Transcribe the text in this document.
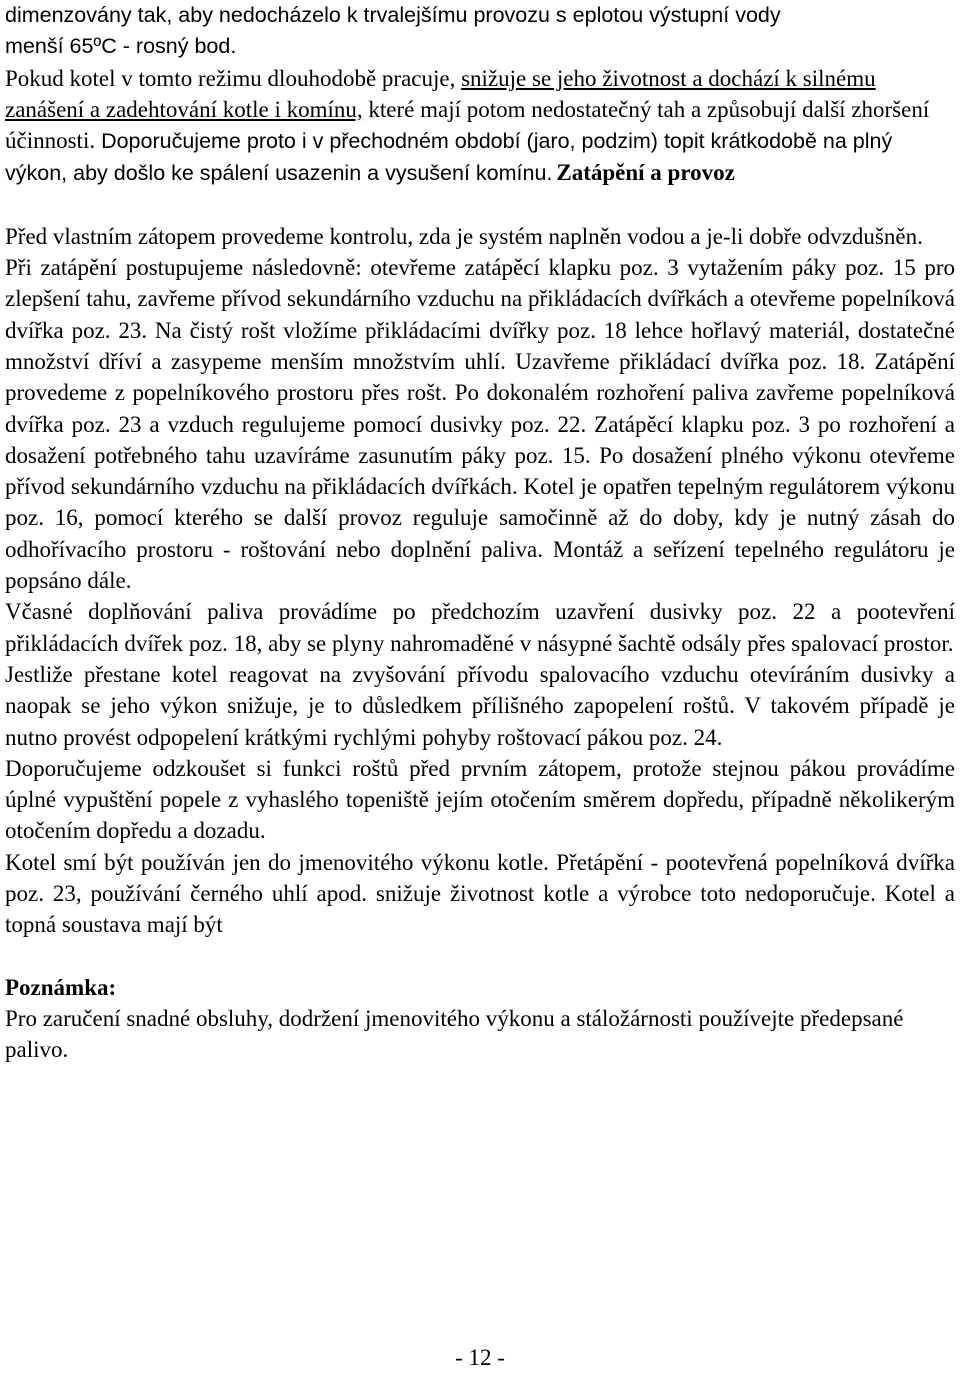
dimenzovány tak, aby nedocházelo k trvalejšímu provozu s eplotou výstupní vody
menší 65ºC - rosný bod.

Pokud kotel v tomto režimu dlouhodobě pracuje, snižuje se jeho životnost a dochází k silnému zanášení a zadehtování kotle i komínu, které mají potom nedostatečný tah a způsobují další zhoršení účinnosti. Doporučujeme proto i v přechodném období (jaro, podzim) topit krátkodobě na plný výkon, aby došlo ke spálení usazenin a vysušení komínu. Zatápění a provoz

Před vlastním zátopem provedeme kontrolu, zda je systém naplněn vodou a je-li dobře odvzdušněn.

Při zatápění postupujeme následovně: otevřeme zatápěcí klapku poz. 3 vytažením páky poz. 15 pro zlepšení tahu, zavřeme přívod sekundárního vzduchu na přikládacích dvířkách a otevřeme popelníková dvířka poz. 23. Na čistý rošt vložíme přikládacími dvířky poz. 18 lehce hořlavý materiál, dostatečné množství dříví a zasypeme menším množstvím uhlí. Uzavřeme přikládací dvířka poz. 18. Zatápění provedeme z popelníkového prostoru přes rošt. Po dokonalém rozhoření paliva zavřeme popelníková dvířka poz. 23 a vzduch regulujeme pomocí dusivky poz. 22. Zatápěcí klapku poz. 3 po rozhoření a dosažení potřebného tahu uzavíráme zasunutím páky poz. 15. Po dosažení plného výkonu otevřeme přívod sekundárního vzduchu na přikládacích dvířkách. Kotel je opatřen tepelným regulátorem výkonu poz. 16, pomocí kterého se další provoz reguluje samočinně až do doby, kdy je nutný zásah do odhořívacího prostoru - roštování nebo doplnění paliva. Montáž a seřízení tepelného regulátoru je popsáno dále.

Včasné doplňování paliva provádíme po předchozím uzavření dusivky poz. 22 a pootevření přikládacích dvířek poz. 18, aby se plyny nahromaděné v násypné šachtě odsály přes spalovací prostor.

Jestliže přestane kotel reagovat na zvyšování přívodu spalovacího vzduchu otevíráním dusivky a naopak se jeho výkon snižuje, je to důsledkem přílišného zapopelení roštů. V takovém případě je nutno provést odpopelení krátkými rychlými pohyby roštovací pákou poz. 24.

Doporučujeme odzkoušet si funkci roštů před prvním zátopem, protože stejnou pákou provádíme úplné vypuštění popele z vyhaslého topeniště jejím otočením směrem dopředu, případně několikerým otočením dopředu a dozadu.

Kotel smí být používán jen do jmenovitého výkonu kotle. Přetápění - pootevřená popelníková dvířka poz. 23, používání černého uhlí apod. snižuje životnost kotle a výrobce toto nedoporučuje. Kotel a topná soustava mají být

Poznámka:

Pro zaručení snadné obsluhy, dodržení jmenovitého výkonu a stáložárnosti používejte předepsané palivo.

- 12 -
